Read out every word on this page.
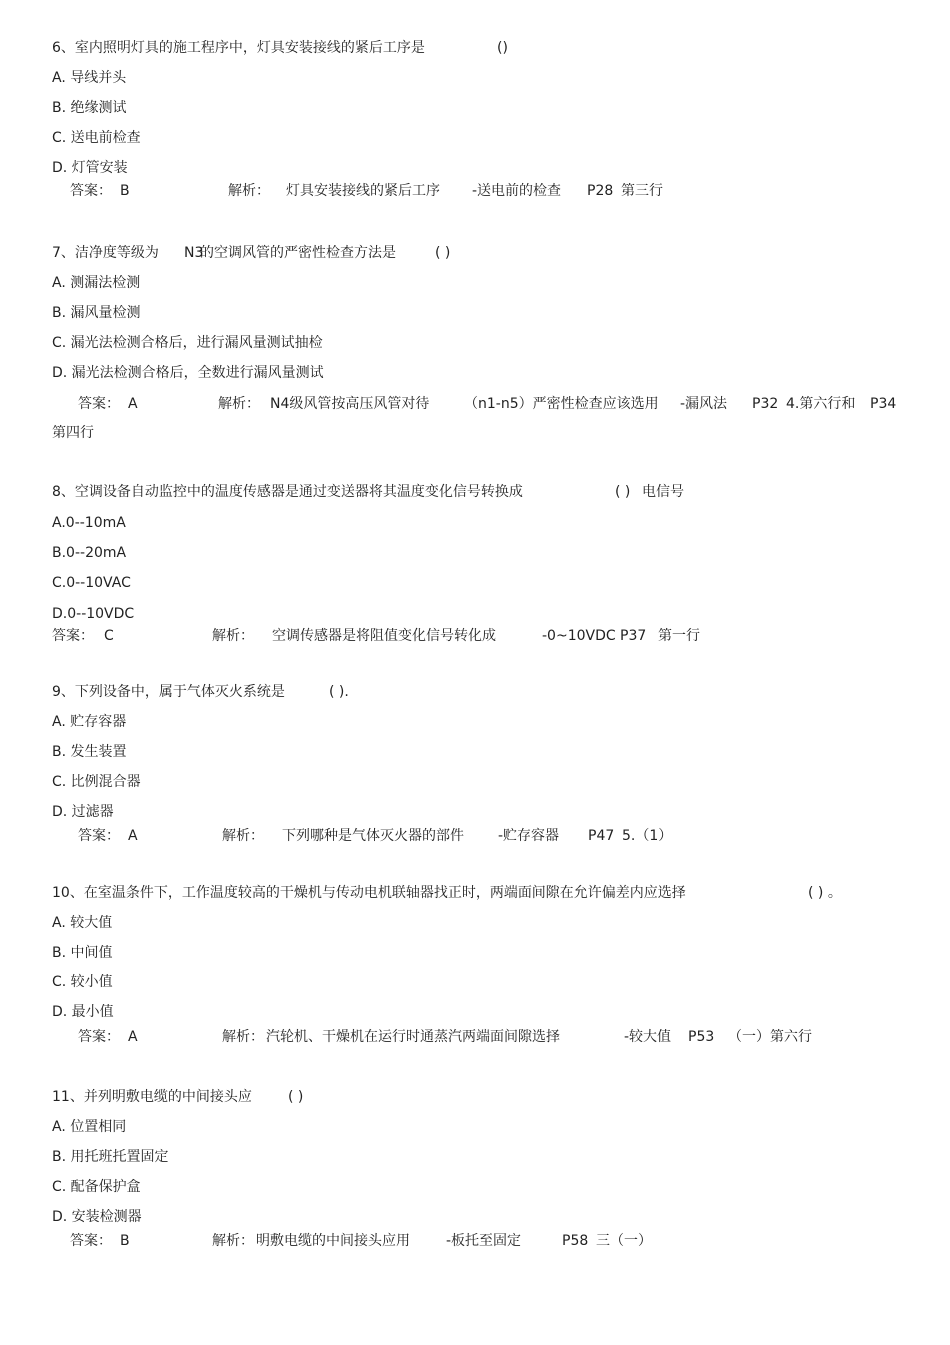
6、室内照明灯具的施工程序中，灯具安装接线的紧后工序是	()
A. 导线并头
B. 绝缘测试
C. 送电前检查
D. 灯管安装
答案： B	解析： 灯具安装接线的紧后工序 -送电前的检查 P28 第三行
7、洁净度等级为 N3
的空调风管的严密性检查方法是	( )
A. 测漏法检测
B. 漏风量检测
C. 漏光法检测合格后，进行漏风量测试抽检
D. 漏光法检测合格后，全数进行漏风量测试
答案： A	解析： N4级风管按高压风管对待 （n1-n5）严密性检查应该选用 -漏风法 P32 4.第六行和 P34
第四行
8、空调设备自动监控中的温度传感器是通过变送器将其温度变化信号转换成	( ) 电信号
A.0--10mA
B.0--20mA
C.0--10VAC
D.0--10VDC
答案： C	解析： 空调传感器是将阻值变化信号转化成	-0~10VDC P37 第一行
9、下列设备中，属于气体灭火系统是	( ).
A. 贮存容器
B. 发生装置
C. 比例混合器
D. 过滤器
答案： A	解析： 下列哪种是气体灭火器的部件 -贮存容器 P47 5.（1）
10、在室温条件下，工作温度较高的干燥机与传动电机联轴器找正时，两端面间隙在允许偏差内应选择	( ) 。
A. 较大值
B. 中间值
C. 较小值
D. 最小值
答案： A	解析： 汽轮机、干燥机在运行时通蒸汽两端面间隙选择	-较大值 P53 （一）第六行
11、并列明敷电缆的中间接头应	( )
A. 位置相同
B. 用托班托置固定
C. 配备保护盒
D. 安装检测器
答案： B	解析： 明敷电缆的中间接头应用	-板托至固定	P58 三（一）
